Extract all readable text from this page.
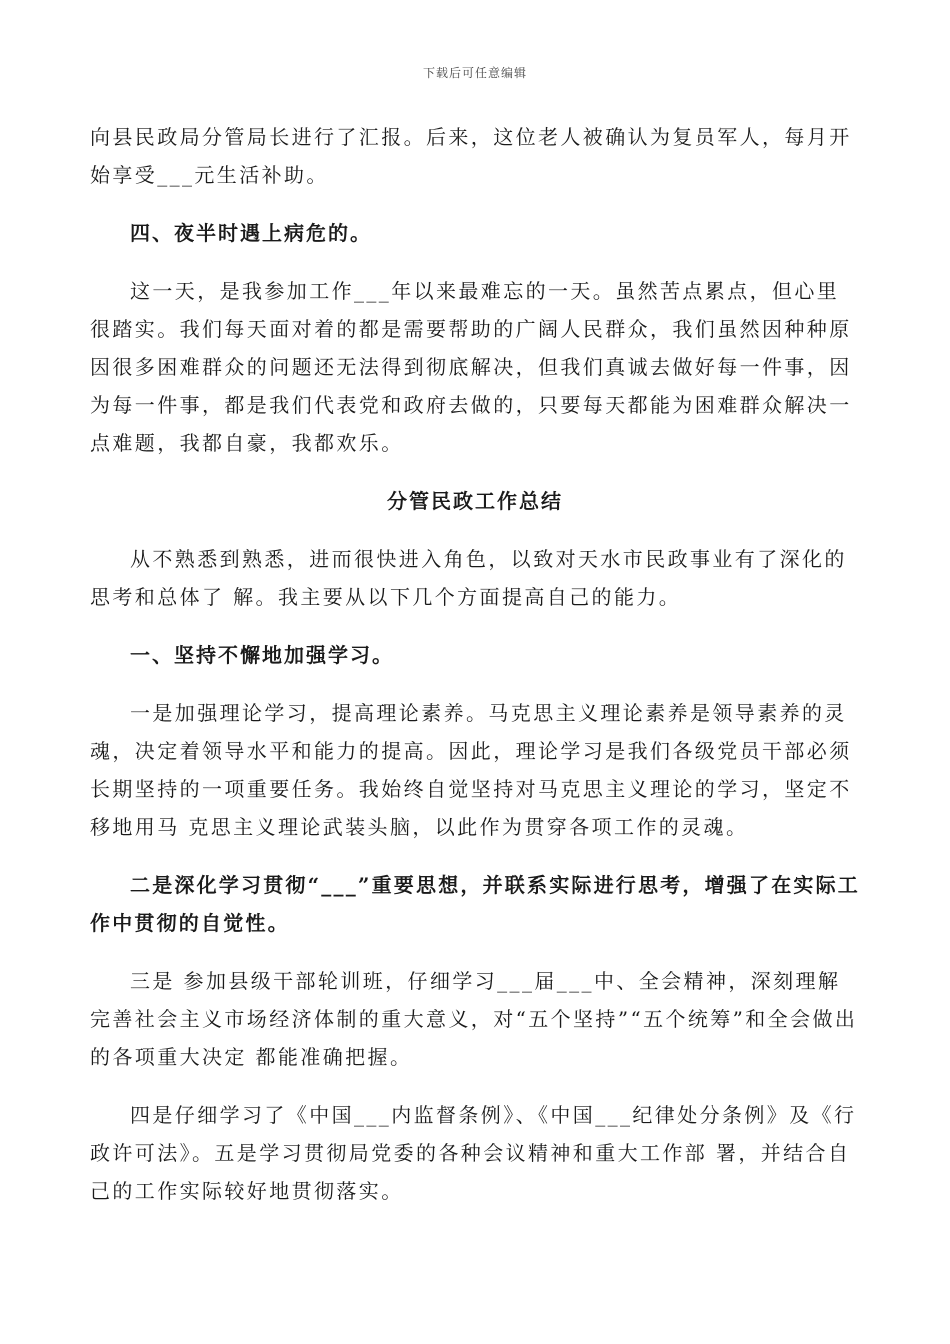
下载后可任意编辑

向县民政局分管局长进行了汇报。后来，这位老人被确认为复员军人，每月开始享受___元生活补助。

四、夜半时遇上病危的。

这一天，是我参加工作___年以来最难忘的一天。虽然苦点累点，但心里很踏实。我们每天面对着的都是需要帮助的广阔人民群众，我们虽然因种种原因很多困难群众的问题还无法得到彻底解决，但我们真诚去做好每一件事，因为每一件事，都是我们代表党和政府去做的，只要每天都能为困难群众解决一点难题，我都自豪，我都欢乐。

分管民政工作总结

从不熟悉到熟悉，进而很快进入角色，以致对天水市民政事业有了深化的思考和总体了 解。我主要从以下几个方面提高自己的能力。

一、坚持不懈地加强学习。

一是加强理论学习，提高理论素养。马克思主义理论素养是领导素养的灵魂，决定着领导水平和能力的提高。因此，理论学习是我们各级党员干部必须长期坚持的一项重要任务。我始终自觉坚持对马克思主义理论的学习，坚定不移地用马 克思主义理论武装头脑，以此作为贯穿各项工作的灵魂。

二是深化学习贯彻“___”重要思想，并联系实际进行思考，增强了在实际工作中贯彻的自觉性。

三是 参加县级干部轮训班，仔细学习___届___中、全会精神，深刻理解完善社会主义市场经济体制的重大意义，对“五个坚持”“五个统筹”和全会做出的各项重大决定 都能准确把握。

四是仔细学习了《中国___内监督条例》、《中国___纪律处分条例》及《行政许可法》。五是学习贯彻局党委的各种会议精神和重大工作部 署，并结合自己的工作实际较好地贯彻落实。
